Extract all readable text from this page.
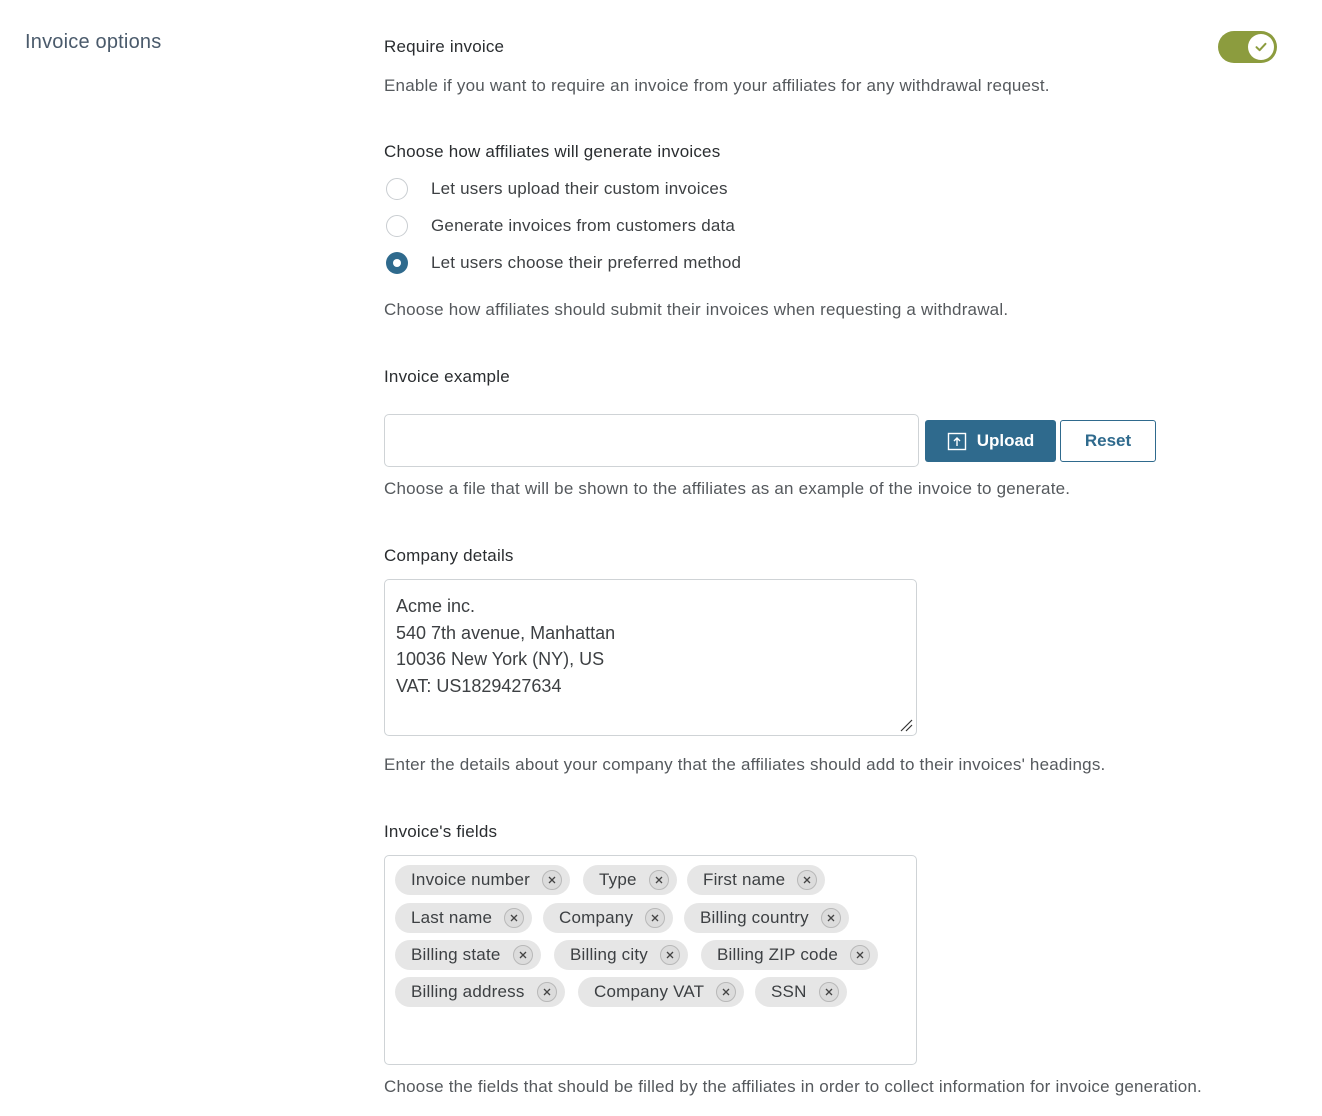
Invoice options	Require invoice
Enable if you want to require an invoice from your affiliates for any withdrawal request.
Choose how affiliates will generate invoices
Let users upload their custom invoices
Generate invoices from customers data
Let users choose their preferred method
Choose how affiliates should submit their invoices when requesting a withdrawal.
Invoice example
Upload	Reset
Choose a file that will be shown to the affiliates as an example of the invoice to generate.
Company details
Acme inc.
540 7th avenue, Manhattan
10036 New York (NY), US
VAT: US1829427634
Enter the details about your company that the affiliates should add to their invoices' headings.
Invoice's fields
Invoice number	Type	First name
Last name	Company	Billing country
Billing state	Billing city	Billing ZIP code
Billing address	Company VAT	SSN
Choose the fields that should be filled by the affiliates in order to collect information for invoice generation.
